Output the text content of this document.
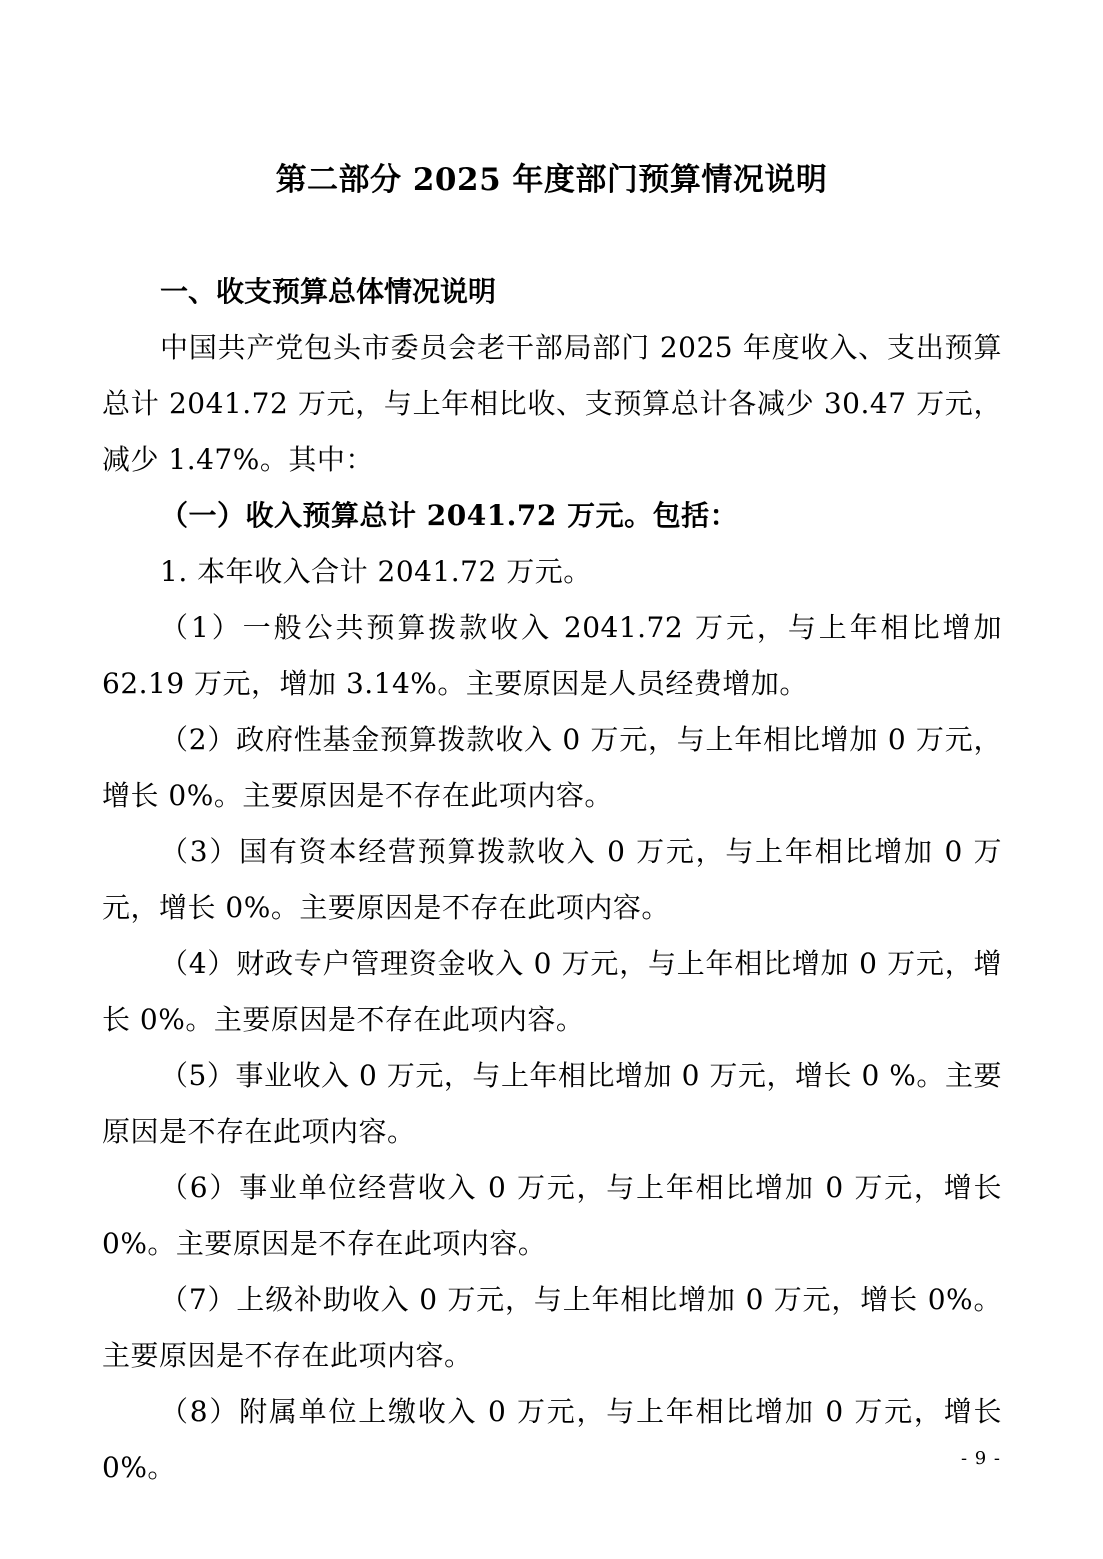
第二部分 2025 年度部门预算情况说明
一、收支预算总体情况说明

中国共产党包头市委员会老干部局部门 2025 年度收入、支出预算总计 2041.72 万元，与上年相比收、支预算总计各减少 30.47 万元，减少 1.47%。其中：

（一）收入预算总计 2041.72 万元。包括：

1. 本年收入合计 2041.72 万元。

（1）一般公共预算拨款收入 2041.72 万元，与上年相比增加 62.19 万元，增加 3.14%。主要原因是人员经费增加。

（2）政府性基金预算拨款收入 0 万元，与上年相比增加 0 万元，增长 0%。主要原因是不存在此项内容。

（3）国有资本经营预算拨款收入 0 万元，与上年相比增加 0 万元，增长 0%。主要原因是不存在此项内容。

（4）财政专户管理资金收入 0 万元，与上年相比增加 0 万元，增长 0%。主要原因是不存在此项内容。

（5）事业收入 0 万元，与上年相比增加 0 万元，增长 0 %。主要原因是不存在此项内容。

（6）事业单位经营收入 0 万元，与上年相比增加 0 万元，增长 0%。主要原因是不存在此项内容。

（7）上级补助收入 0 万元，与上年相比增加 0 万元，增长 0%。主要原因是不存在此项内容。

（8）附属单位上缴收入 0 万元，与上年相比增加 0 万元，增长 0%。	- 9 -
